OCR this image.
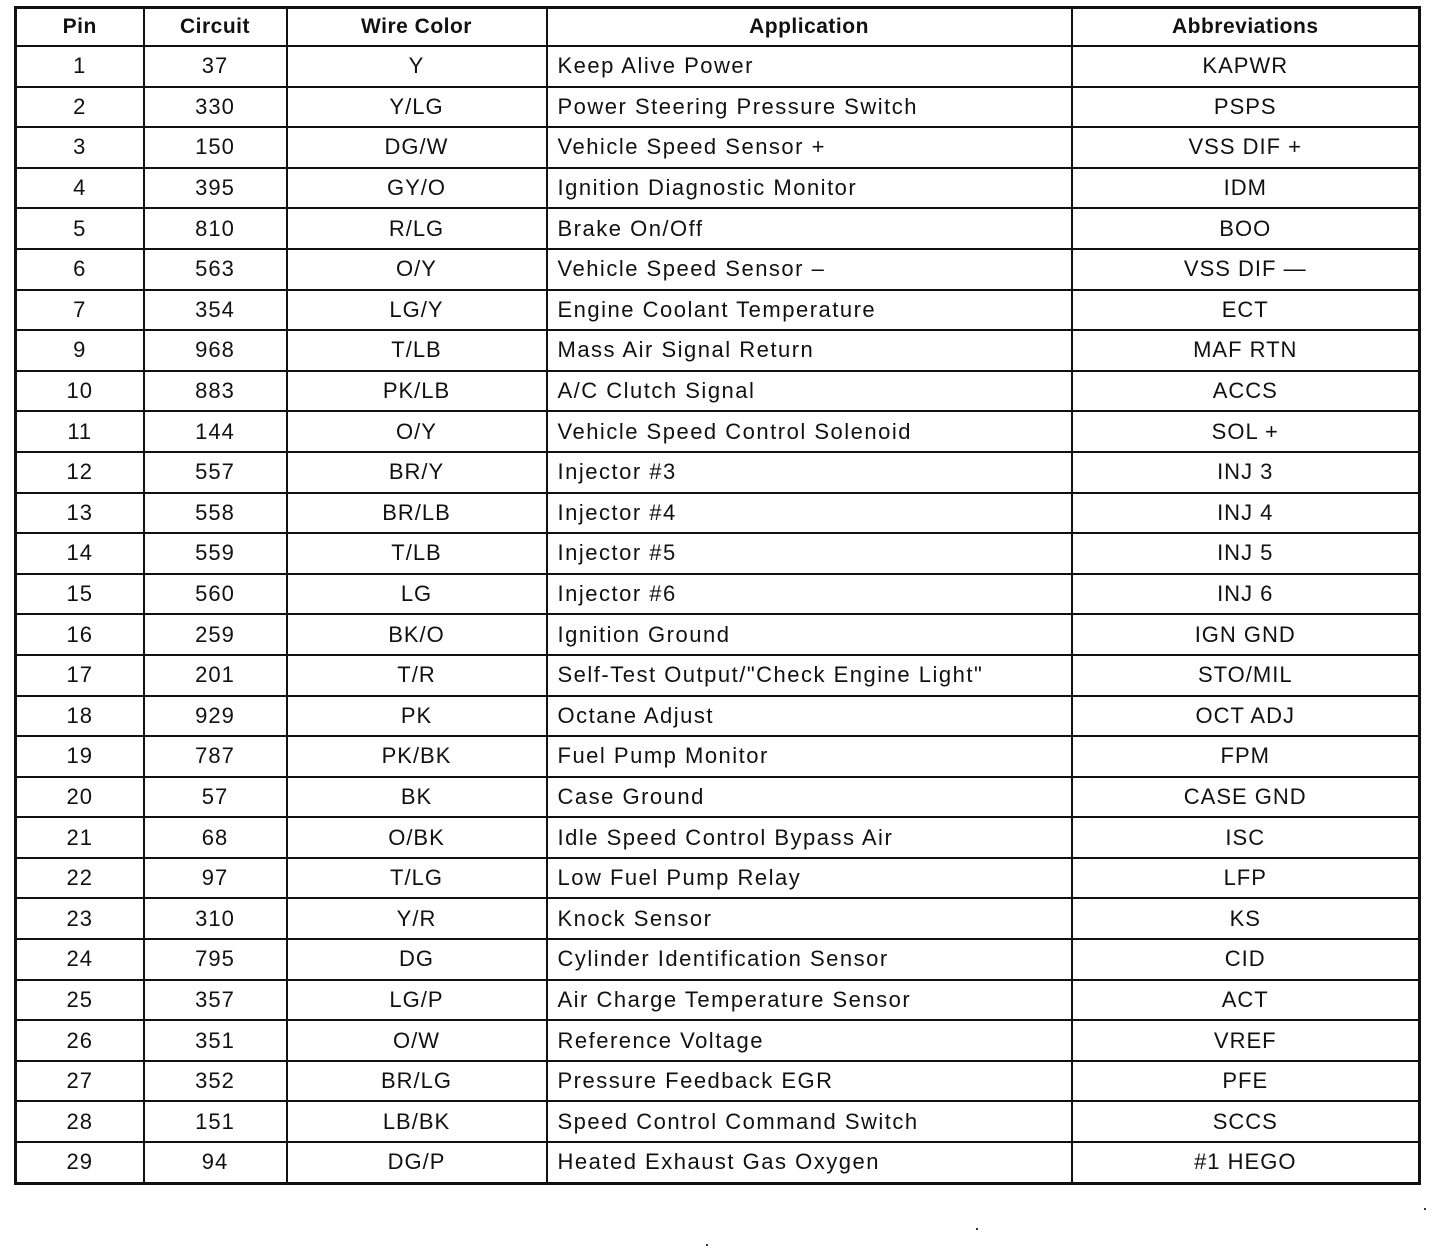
Pin	Circuit	Wire Color	Application	Abbreviations
1	37	Y	Keep Alive Power	KAPWR
2	330	Y/LG	Power Steering Pressure Switch	PSPS
3	150	DG/W	Vehicle Speed Sensor +	VSS DIF +
4	395	GY/O	Ignition Diagnostic Monitor	IDM
5	810	R/LG	Brake On/Off	BOO
6	563	O/Y	Vehicle Speed Sensor –	VSS DIF —
7	354	LG/Y	Engine Coolant Temperature	ECT
9	968	T/LB	Mass Air Signal Return	MAF RTN
10	883	PK/LB	A/C Clutch Signal	ACCS
11	144	O/Y	Vehicle Speed Control Solenoid	SOL +
12	557	BR/Y	Injector #3	INJ 3
13	558	BR/LB	Injector #4	INJ 4
14	559	T/LB	Injector #5	INJ 5
15	560	LG	Injector #6	INJ 6
16	259	BK/O	Ignition Ground	IGN GND
17	201	T/R	Self-Test Output/"Check Engine Light"	STO/MIL
18	929	PK	Octane Adjust	OCT ADJ
19	787	PK/BK	Fuel Pump Monitor	FPM
20	57	BK	Case Ground	CASE GND
21	68	O/BK	Idle Speed Control Bypass Air	ISC
22	97	T/LG	Low Fuel Pump Relay	LFP
23	310	Y/R	Knock Sensor	KS
24	795	DG	Cylinder Identification Sensor	CID
25	357	LG/P	Air Charge Temperature Sensor	ACT
26	351	O/W	Reference Voltage	VREF
27	352	BR/LG	Pressure Feedback EGR	PFE
28	151	LB/BK	Speed Control Command Switch	SCCS
29	94	DG/P	Heated Exhaust Gas Oxygen	#1 HEGO
